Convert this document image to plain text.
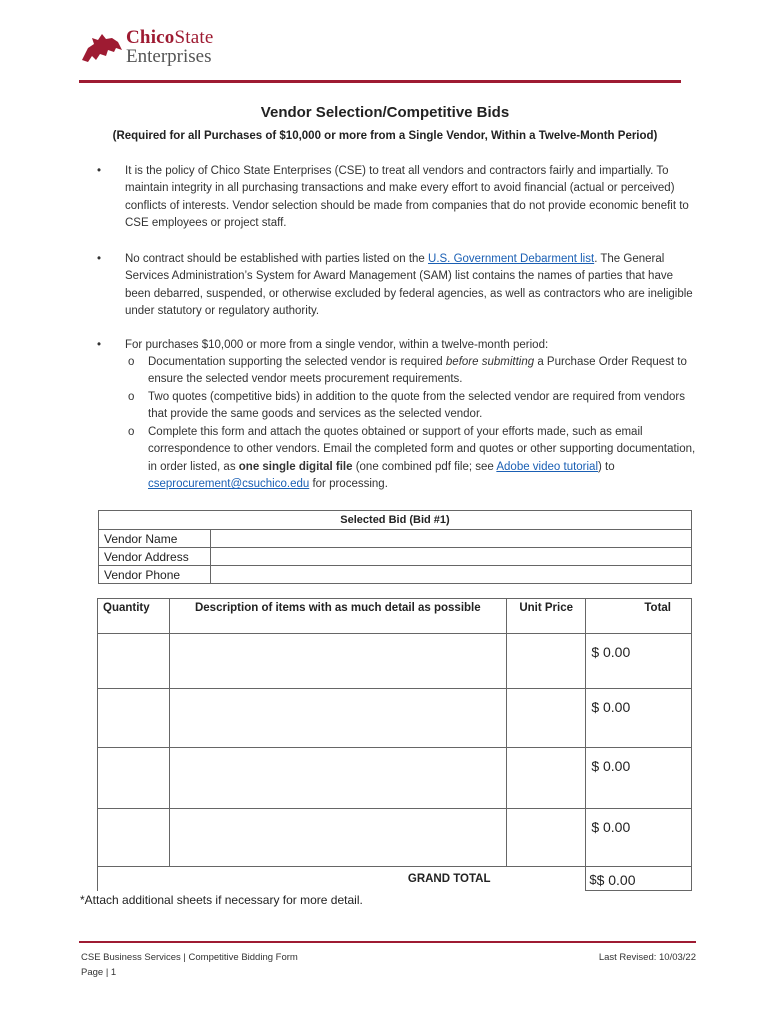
ChicoState
Enterprises
Vendor Selection/Competitive Bids
(Required for all Purchases of $10,000 or more from a Single Vendor, Within a Twelve-Month Period)
•	It is the policy of Chico State Enterprises (CSE) to treat all vendors and contractors fairly and impartially. To maintain integrity in all purchasing transactions and make every effort to avoid financial (actual or perceived) conflicts of interests. Vendor selection should be made from companies that do not provide economic benefit to CSE employees or project staff.
•	No contract should be established with parties listed on the U.S. Government Debarment list. The General Services Administration’s System for Award Management (SAM) list contains the names of parties that have been debarred, suspended, or otherwise excluded by federal agencies, as well as contractors who are ineligible under statutory or regulatory authority.
•	For purchases $10,000 or more from a single vendor, within a twelve-month period:
o Documentation supporting the selected vendor is required before submitting a Purchase Order Request to ensure the selected vendor meets procurement requirements.
o Two quotes (competitive bids) in addition to the quote from the selected vendor are required from vendors that provide the same goods and services as the selected vendor.
o Complete this form and attach the quotes obtained or support of your efforts made, such as email correspondence to other vendors. Email the completed form and quotes or other supporting documentation, in order listed, as one single digital file (one combined pdf file; see Adobe video tutorial) to cseprocurement@csuchico.edu for processing.
Selected Bid (Bid #1)	
Vendor Name	
Vendor Address	
Vendor Phone	
Quantity	Description of items with as much detail as possible	Unit Price	Total
			$ 0.00
			$ 0.00
			$ 0.00
			$ 0.00
	GRAND TOTAL		$$ 0.00
*Attach additional sheets if necessary for more detail.
CSE Business Services | Competitive Bidding Form
Page | 1
Last Revised: 10/03/22
